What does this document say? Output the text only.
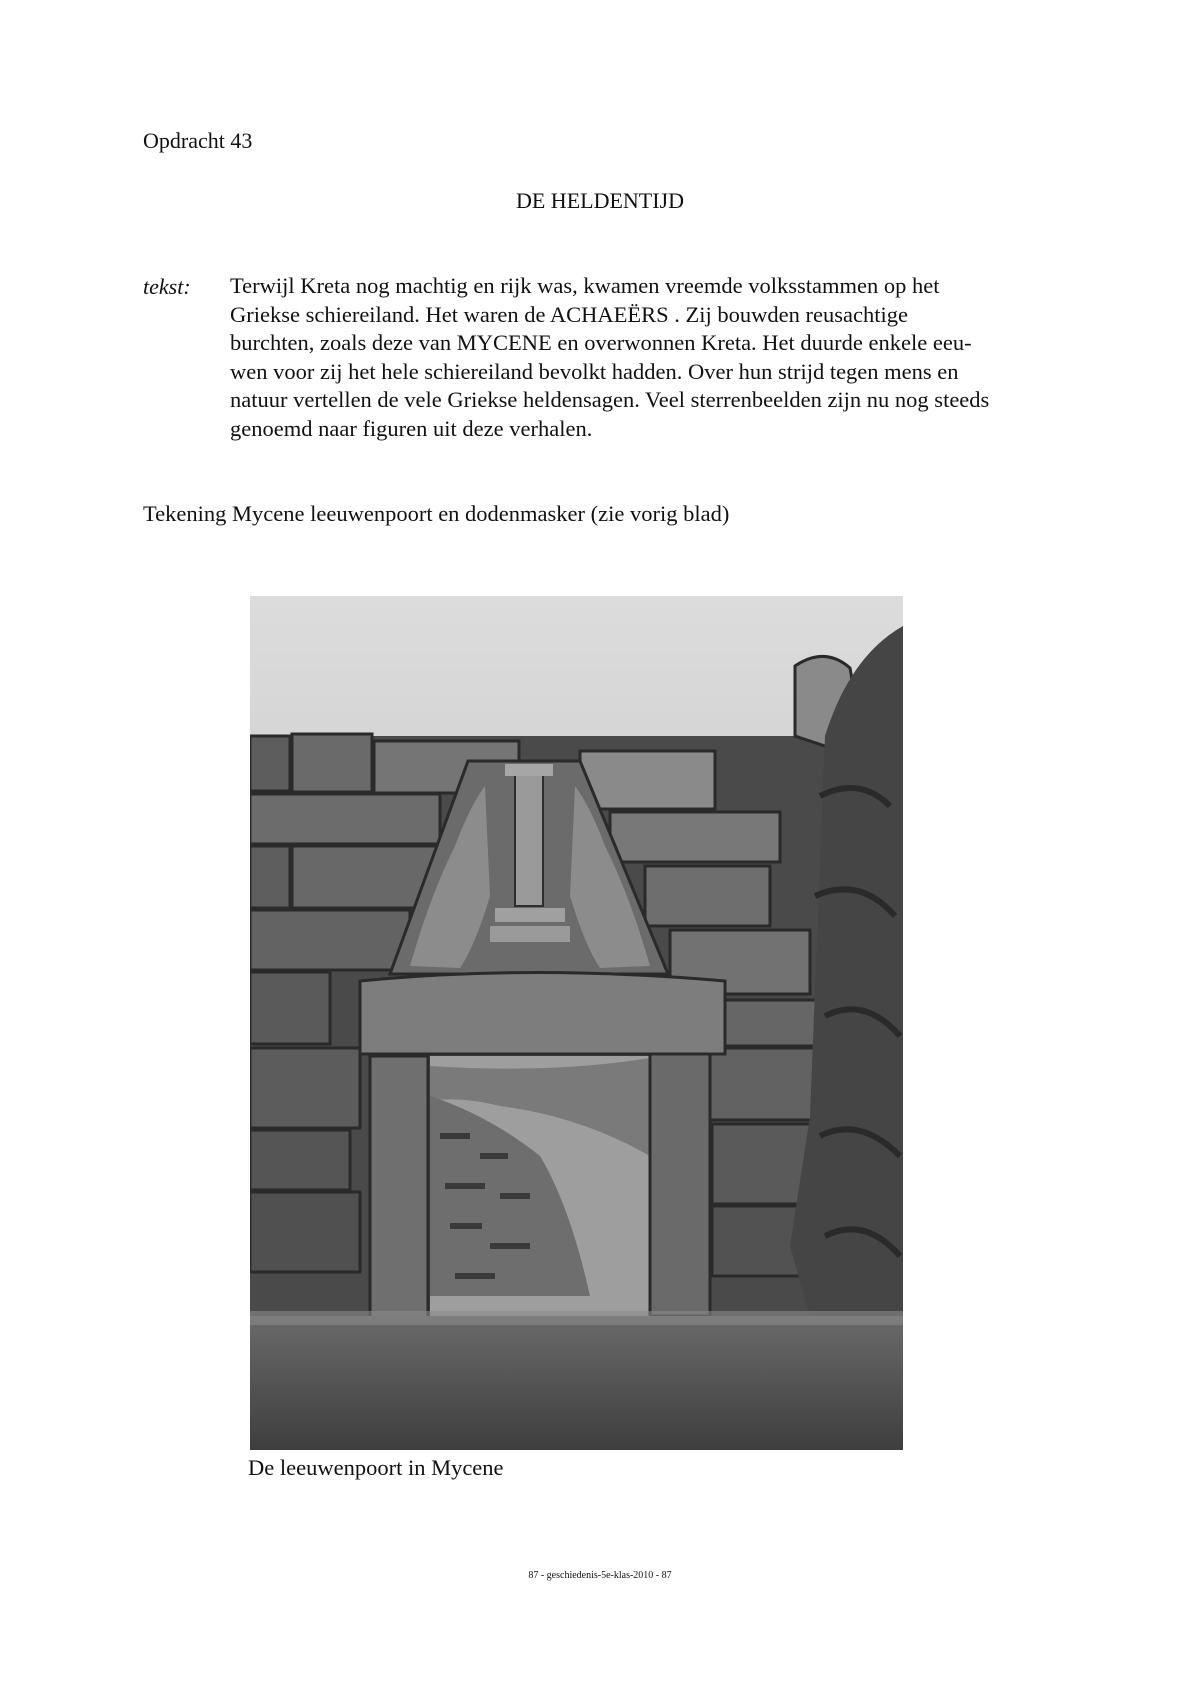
Opdracht 43
DE HELDENTIJD
tekst: Terwijl Kreta nog machtig en rijk was, kwamen vreemde volksstammen op het
Griekse schiereiland. Het waren de ACHAEËRS . Zij bouwden reusachtige
burchten, zoals deze van MYCENE en overwonnen Kreta. Het duurde enkele eeu-
wen voor zij het hele schiereiland bevolkt hadden. Over hun strijd tegen mens en
natuur vertellen de vele Griekse heldensagen. Veel sterrenbeelden zijn nu nog steeds
genoemd naar figuren uit deze verhalen.
Tekening Mycene leeuwenpoort en dodenmasker (zie vorig blad)
De leeuwenpoort in Mycene
87 - geschiedenis-5e-klas-2010 - 87
